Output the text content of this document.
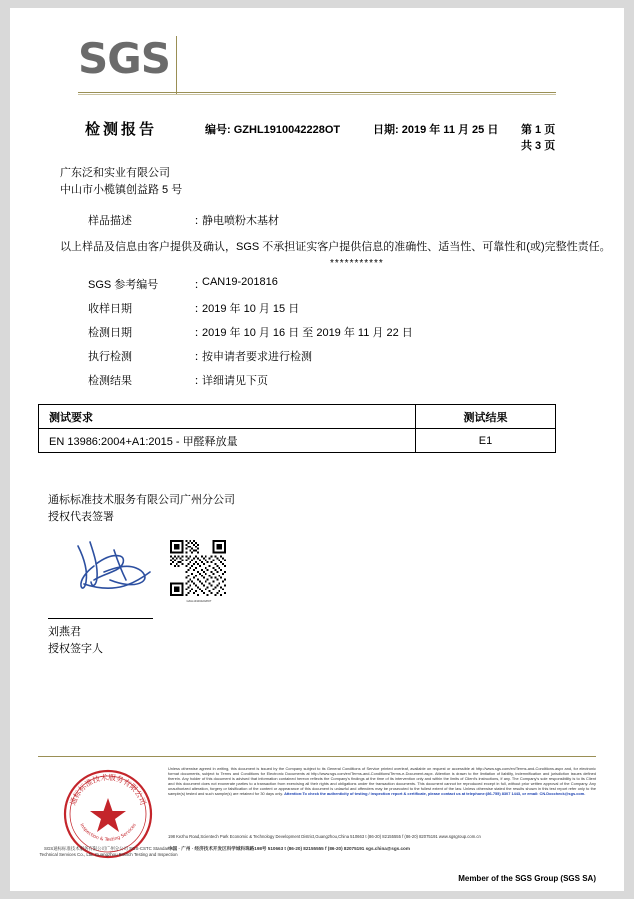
SGS
检测报告	编号: GZHL1910042228OT	日期: 2019 年 11 月 25 日 第 1 页 共 3 页
广东泛和实业有限公司
中山市小榄镇创益路 5 号
样品描述	：
静电喷粉木基材
以上样品及信息由客户提供及确认，SGS 不承担证实客户提供信息的准确性、适当性、可靠性和(或)完整性责任。
***********
SGS 参考编号	：
CAN19-201816
收样日期	：
2019 年 10 月 15 日
检测日期	：
2019 年 10 月 16 日 至 2019 年 11 月 22 日
执行检测	：
按申请者要求进行检测
检测结果	：
详细请见下页
测试要求	测试结果
EN 13986:2004+A1:2015 - 甲醛释放量	E1
通标标准技术服务有限公司广州分公司
授权代表签署
GZHL1910042228OT
刘燕君
授权签字人
通标标准技术服务有限公司
Inspection & Testing Services
SGS通标标准技术服务有限公司广州分公司 SGS-CSTC Standards Technical Services Co., Ltd. Guangzhou Branch Testing and Inspection
Unless otherwise agreed in writing, this document is issued by the Company subject to its General Conditions of Service printed overleaf, available on request or accessible at http://www.sgs.com/en/Terms-and-Conditions.aspx and, for electronic format documents, subject to Terms and Conditions for Electronic Documents at http://www.sgs.com/en/Terms-and-Conditions/Terms-e-Document.aspx. Attention is drawn to the limitation of liability, indemnification and jurisdiction issues defined therein. Any holder of this document is advised that information contained hereon reflects the Company's findings at the time of its intervention only and within the limits of Client's instructions, if any. The Company's sole responsibility is to its Client and this document does not exonerate parties to a transaction from exercising all their rights and obligations under the transaction documents. This document cannot be reproduced except in full, without prior written approval of the Company. Any unauthorized alteration, forgery or falsification of the content or appearance of this document is unlawful and offenders may be prosecuted to the fullest extent of the law. Unless otherwise stated the results shown in this test report refer only to the sample(s) tested and such sample(s) are retained for 30 days only. Attention:To check the authenticity of testing / inspection report & certificate, please contact us at telephone:(86-755) 8307 1443, or email: CN.Doccheck@sgs.com.
198 Kezhu Road,Scientech Park Economic & Technology Development District,Guangzhou,China 510663 t (86-20) 82155555 f (86-20) 82075191 www.sgsgroup.com.cn
中国 · 广州 · 经济技术开发区科学城科珠路198号 510663 t (86-20) 82155555 f (86-20) 82075191 sgs.china@sgs.com
Member of the SGS Group (SGS SA)
